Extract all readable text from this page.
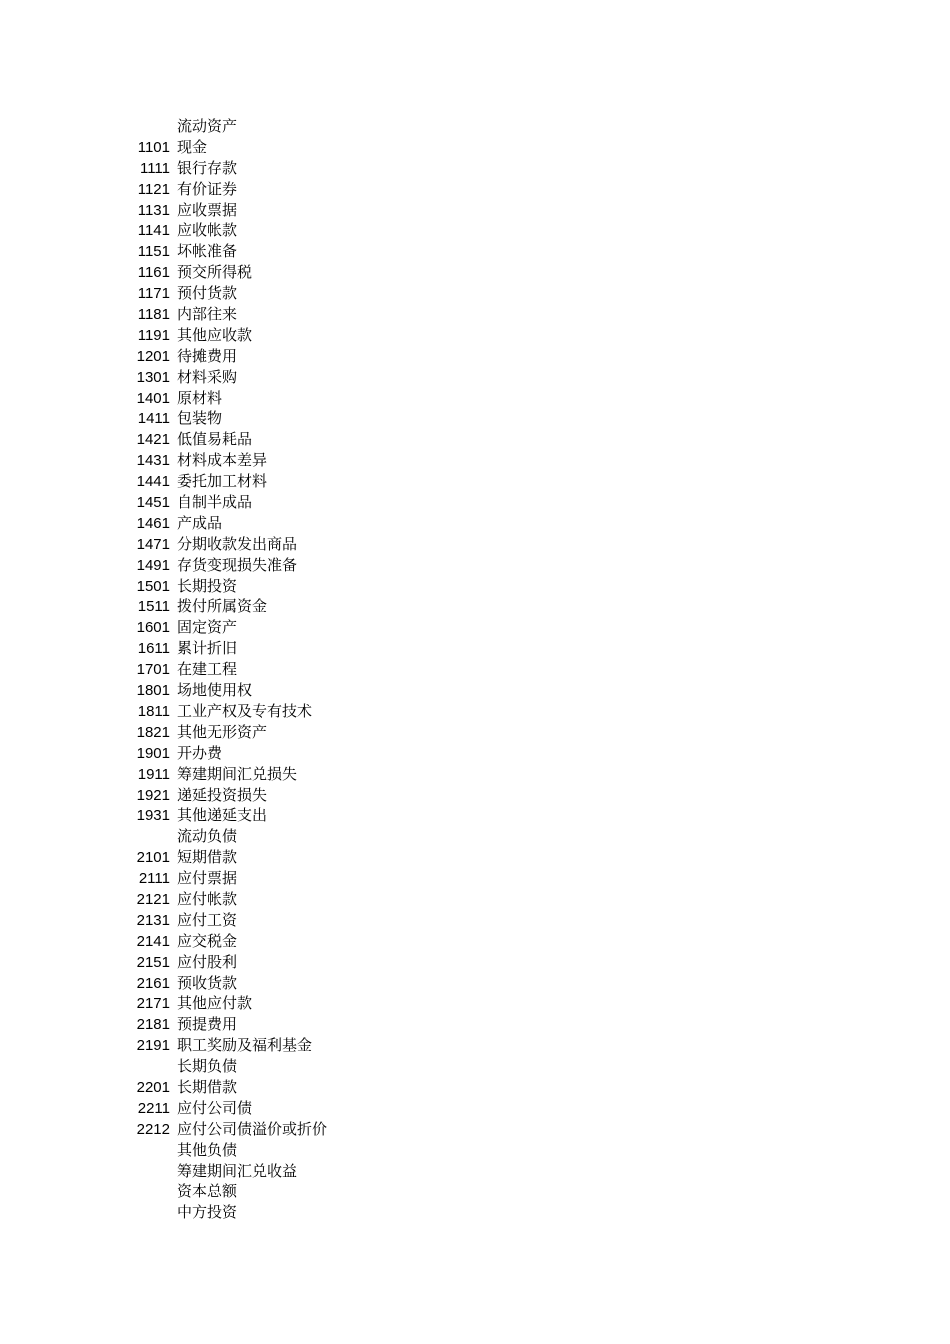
流动资产
1101 现金
1111 银行存款
1121 有价证券
1131 应收票据
1141 应收帐款
1151 坏帐准备
1161 预交所得税
1171 预付货款
1181 内部往来
1191 其他应收款
1201 待摊费用
1301 材料采购
1401 原材料
1411 包装物
1421 低值易耗品
1431 材料成本差异
1441 委托加工材料
1451 自制半成品
1461 产成品
1471 分期收款发出商品
1491 存货变现损失准备
1501 长期投资
1511 拨付所属资金
1601 固定资产
1611 累计折旧
1701 在建工程
1801 场地使用权
1811 工业产权及专有技术
1821 其他无形资产
1901 开办费
1911 筹建期间汇兑损失
1921 递延投资损失
1931 其他递延支出
流动负债
2101 短期借款
2111 应付票据
2121 应付帐款
2131 应付工资
2141 应交税金
2151 应付股利
2161 预收货款
2171 其他应付款
2181 预提费用
2191 职工奖励及福利基金
长期负债
2201 长期借款
2211 应付公司债
2212 应付公司债溢价或折价
其他负债
筹建期间汇兑收益
资本总额
中方投资
